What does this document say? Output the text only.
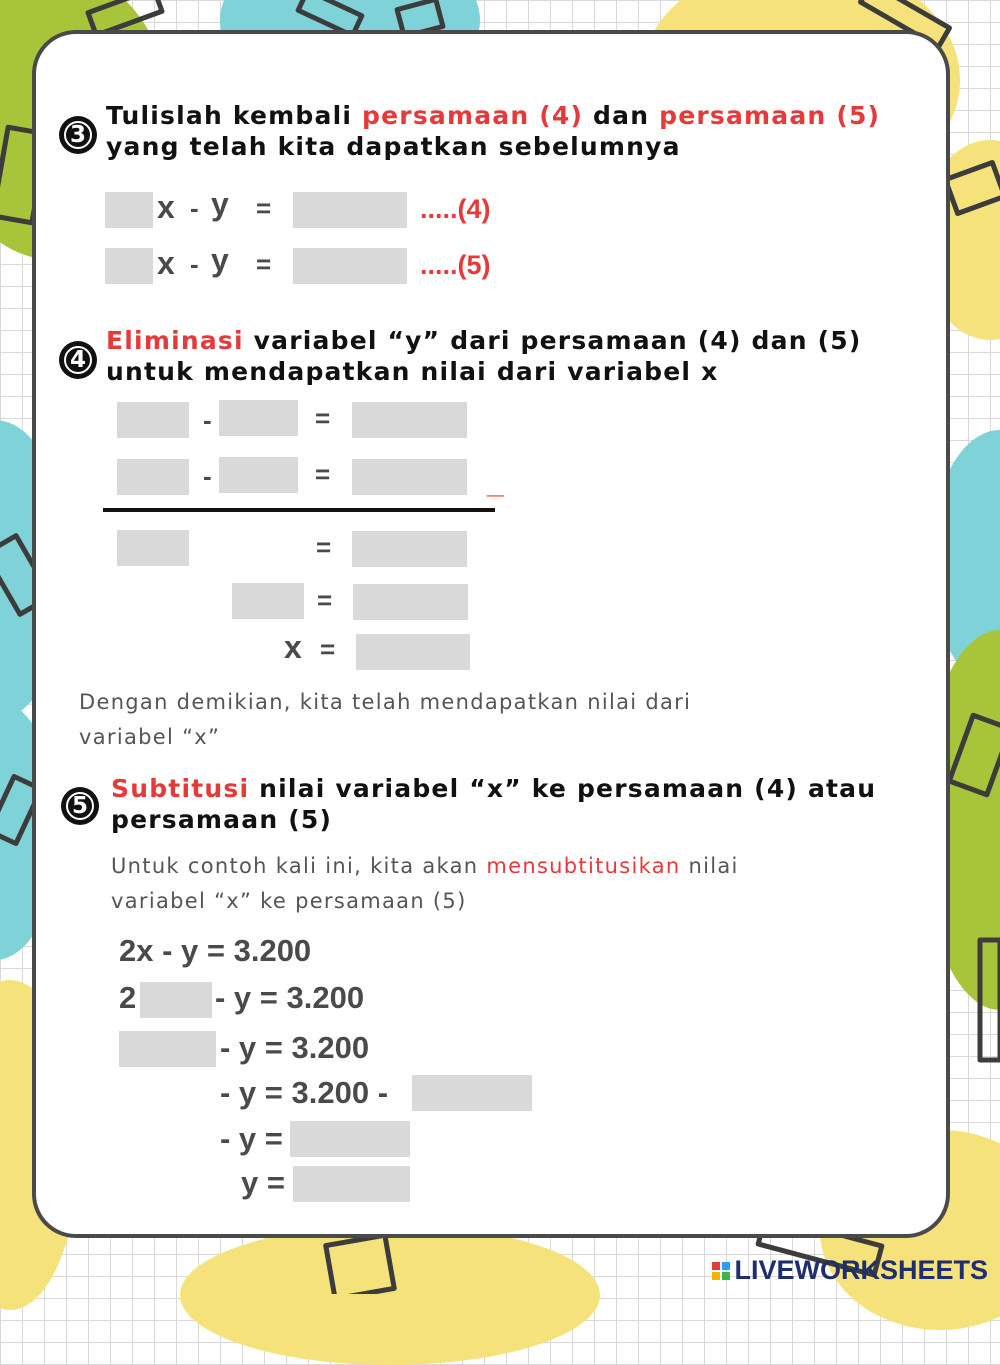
3
Tulislah kembali persamaan (4) dan persamaan (5)
yang telah kita dapatkan sebelumnya
x - y =	.....(4)
x - y =	.....(5)
4
Eliminasi variabel “y” dari persamaan (4) dan (5)
untuk mendapatkan nilai dari variabel x
-	=
-	=	_
=
=
x =
Dengan demikian, kita telah mendapatkan nilai dari
variabel “x”
5
Subtitusi nilai variabel “x” ke persamaan (4) atau
persamaan (5)
Untuk contoh kali ini, kita akan mensubtitusikan nilai
variabel “x” ke persamaan (5)
2x - y = 3.200
2	- y = 3.200
- y = 3.200
- y = 3.200 -
- y =
y =
LIVEWORKSHEETS
